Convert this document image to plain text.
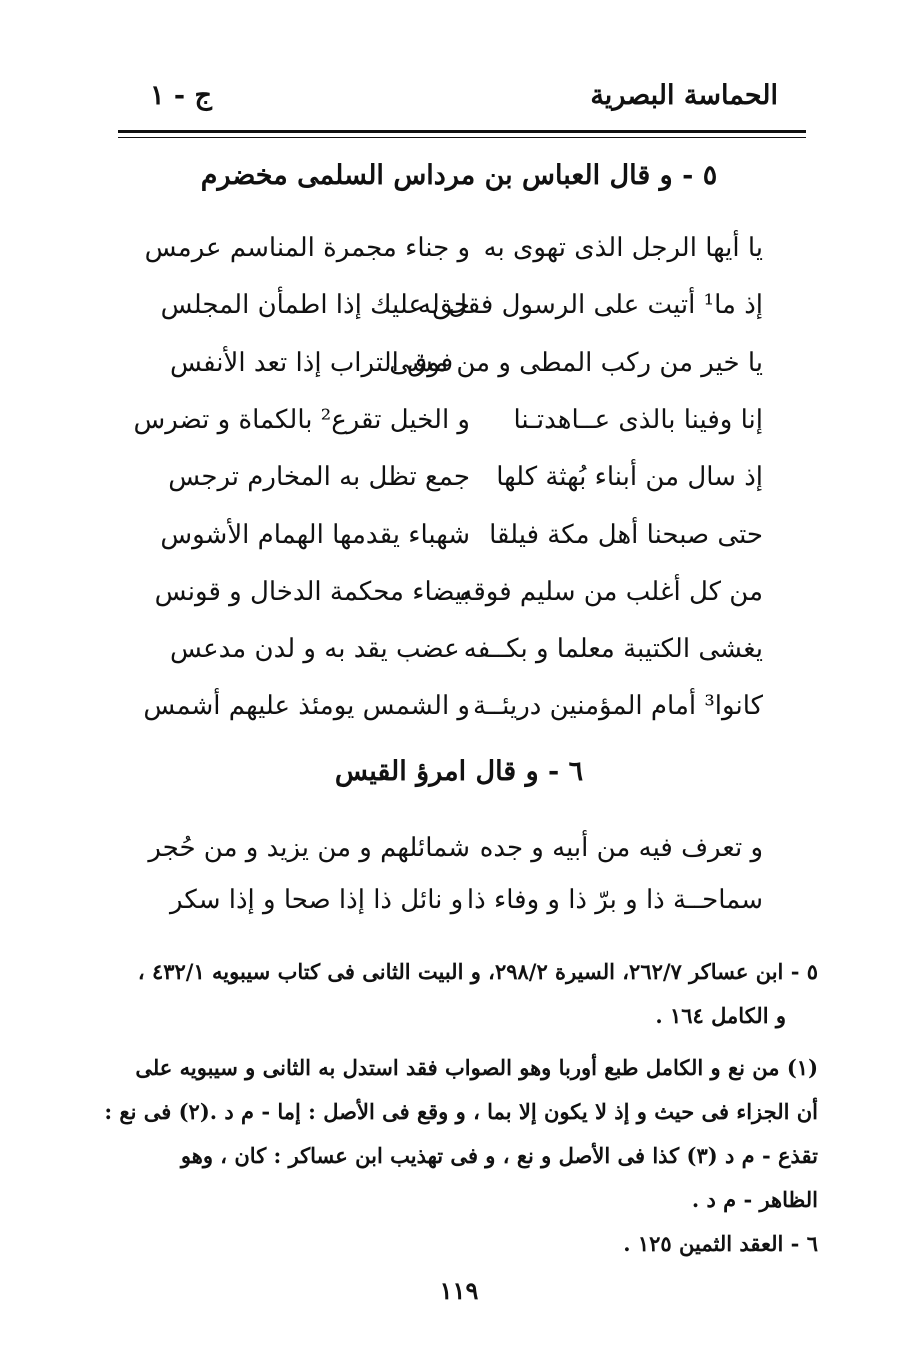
الحماسة البصرية
ج - ١
٥ - و قال العباس بن مرداس السلمى مخضرم
يا أيها الرجل الذى تهوى به
و جناء مجمرة المناسم عرمس
إذ ما¹ أتيت على الرسول فقل له
حق عليك إذا اطمأن المجلس
يا خير من ركب المطى و من مشى
فوق التراب إذا تعد الأنفس
إنا وفينا بالذى عــاهدتـنا
و الخيل تقرع² بالكماة و تضرس
إذ سال من أبناء بُهثة كلها
جمع تظل به المخارم ترجس
حتى صبحنا أهل مكة فيلقا
شهباء يقدمها الهمام الأشوس
من كل أغلب من سليم فوقه
بيضاء محكمة الدخال و قونس
يغشى الكتيبة معلما و بكــفه
عضب يقد به و لدن مدعس
كانوا³ أمام المؤمنين دريئــة
و الشمس يومئذ عليهم أشمس
٦ - و قال امرؤ القيس
و تعرف فيه من أبيه و جده
شمائلهم و من يزيد و من حُجر
سماحــة ذا و برّ ذا و وفاء ذا
و نائل ذا إذا صحا و إذا سكر
٥ - ابن عساكر ٢٦٢/٧، السيرة ٢٩٨/٢، و البيت الثانى فى كتاب سيبويه ٤٣٢/١ ،
و الكامل ١٦٤ .
(١) من نع و الكامل طبع أوربا وهو الصواب فقد استدل به الثانى و سيبويه على
أن الجزاء فى حيث و إذ لا يكون إلا بما ، و وقع فى الأصل : إما - م د .(٢) فى نع :
تقذع - م د (٣) كذا فى الأصل و نع ، و فى تهذيب ابن عساكر : كان ، وهو
الظاهر - م د .
٦ - العقد الثمين ١٢٥ .
١١٩
